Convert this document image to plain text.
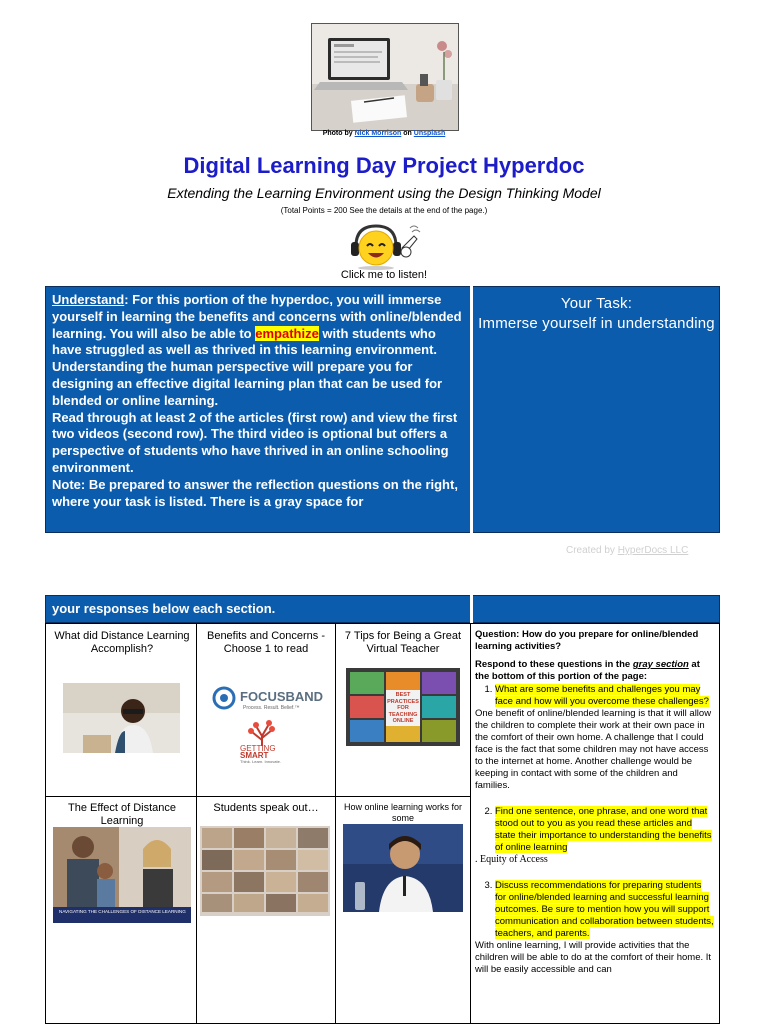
Photo by Nick Morrison on Unsplash
Digital Learning Day Project Hyperdoc
Extending the Learning Environment using the Design Thinking Model
(Total Points = 200 See the details at the end of the page.)
Click me to listen!
Understand: For this portion of the hyperdoc, you will immerse yourself in learning the benefits and concerns with online/blended learning. You will also be able to empathize with students who have struggled as well as thrived in this learning environment. Understanding the human perspective will prepare you for designing an effective digital learning plan that can be used for blended or online learning.
Read through at least 2 of the articles (first row) and view the first two videos (second row). The third video is optional but offers a perspective of students who have thrived in an online schooling environment.
Note: Be prepared to answer the reflection questions on the right, where your task is listed. There is a gray space for
Your Task:
Immerse yourself in understanding
Created by HyperDocs LLC
your responses below each section.
What did Distance Learning Accomplish?
Benefits and Concerns - Choose 1 to read
FOCUSBAND
Process. Result. Belief.™
GETTING
SMART
Think. Learn. Innovate.
7 Tips for Being a Great Virtual Teacher
BEST PRACTICES FOR TEACHING ONLINE
The Effect of Distance Learning
NAVIGATING THE CHALLENGES OF DISTANCE LEARNING
Students speak out…	How online learning works for some

Question: How do you prepare for online/blended learning activities?

Respond to these questions in the gray section at the bottom of this portion of the page:

1. What are some benefits and challenges you may face and how will you overcome these challenges?

One benefit of online/blended learning is that it will allow the children to complete their work at their own pace in the comfort of their own home. A challenge that I could face is the fact that some children may not have access to the internet at home. Another challenge would be keeping in contact with some of the children and families.

2. Find one sentence, one phrase, and one word that stood out to you as you read these articles and state their importance to understanding the benefits of online learning

. Equity of Access

3. Discuss recommendations for preparing students for online/blended learning and successful learning outcomes. Be sure to mention how you will support communication and collaboration between students, teachers, and parents.

With online learning, I will provide activities that the children will be able to do at the comfort of their home. It will be easily accessible and can
